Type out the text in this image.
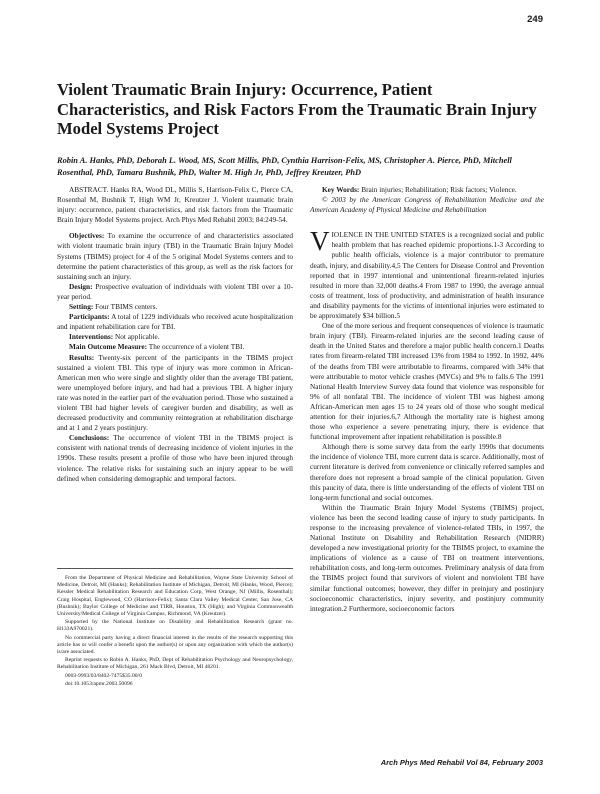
249
Violent Traumatic Brain Injury: Occurrence, Patient Characteristics, and Risk Factors From the Traumatic Brain Injury Model Systems Project

Robin A. Hanks, PhD, Deborah L. Wood, MS, Scott Millis, PhD, Cynthia Harrison-Felix, MS, Christopher A. Pierce, PhD, Mitchell Rosenthal, PhD, Tamara Bushnik, PhD, Walter M. High Jr, PhD, Jeffrey Kreutzer, PhD

ABSTRACT. Hanks RA, Wood DL, Millis S, Harrison-Felix C, Pierce CA, Rosenthal M, Bushnik T, High WM Jr, Kreutzer J. Violent traumatic brain injury: occurrence, patient characteristics, and risk factors from the Traumatic Brain Injury Model Systems project. Arch Phys Med Rehabil 2003; 84:249-54.

Objectives: To examine the occurrence of and characteristics associated with violent traumatic brain injury (TBI) in the Traumatic Brain Injury Model Systems (TBIMS) project for 4 of the 5 original Model Systems centers and to determine the patient characteristics of this group, as well as the risk factors for sustaining such an injury.

Design: Prospective evaluation of individuals with violent TBI over a 10-year period.

Setting: Four TBIMS centers.

Participants: A total of 1229 individuals who received acute hospitalization and inpatient rehabilitation care for TBI.

Interventions: Not applicable.

Main Outcome Measure: The occurrence of a violent TBI.

Results: Twenty-six percent of the participants in the TBIMS project sustained a violent TBI. This type of injury was more common in African-American men who were single and slightly older than the average TBI patient, were unemployed before injury, and had had a previous TBI. A higher injury rate was noted in the earlier part of the evaluation period. Those who sustained a violent TBI had higher levels of caregiver burden and disability, as well as decreased productivity and community reintegration at rehabilitation discharge and at 1 and 2 years postinjury.

Conclusions: The occurrence of violent TBI in the TBIMS project is consistent with national trends of decreasing incidence of violent injuries in the 1990s. These results present a profile of those who have been injured through violence. The relative risks for sustaining such an injury appear to be well defined when considering demographic and temporal factors.

From the Department of Physical Medicine and Rehabilitation, Wayne State University School of Medicine, Detroit, MI (Hanks); Rehabilitation Institute of Michigan, Detroit, MI (Hanks, Wood, Pierce); Kessler Medical Rehabilitation Research and Education Corp, West Orange, NJ (Millis, Rosenthal); Craig Hospital, Englewood, CO (Harrison-Felix); Santa Clara Valley Medical Center, San Jose, CA (Bushnik); Baylor College of Medicine and TIRR, Houston, TX (High); and Virginia Commonwealth University/Medical College of Virginia Campus, Richmond, VA (Kreutzer).

Supported by the National Institute on Disability and Rehabilitation Research (grant no. H133A970021).

No commercial party having a direct financial interest in the results of the research supporting this article has or will confer a benefit upon the author(s) or upon any organization with which the author(s) is/are associated.

Reprint requests to Robin A. Hanks, PhD, Dept of Rehabilitation Psychology and Neuropsychology, Rehabilitation Institute of Michigan, 261 Mack Blvd, Detroit, MI 48201.

0003-9993/03/8402-7475$35.00/0

doi:10.1053/apmr.2003.50096

Key Words: Brain injuries; Rehabilitation; Risk factors; Violence.

© 2003 by the American Congress of Rehabilitation Medicine and the American Academy of Physical Medicine and Rehabilitation

VIOLENCE IN THE UNITED STATES is a recognized social and public health problem that has reached epidemic proportions.1-3 According to public health officials, violence is a major contributor to premature death, injury, and disability.4,5 The Centers for Disease Control and Prevention reported that in 1997 intentional and unintentional firearm-related injuries resulted in more than 32,000 deaths.4 From 1987 to 1990, the average annual costs of treatment, loss of productivity, and administration of health insurance and disability payments for the victims of intentional injuries were estimated to be approximately $34 billion.5

One of the more serious and frequent consequences of violence is traumatic brain injury (TBI). Firearm-related injuries are the second leading cause of death in the United States and therefore a major public health concern.1 Deaths rates from firearm-related TBI increased 13% from 1984 to 1992. In 1992, 44% of the deaths from TBI were attributable to firearms, compared with 34% that were attributable to motor vehicle crashes (MVCs) and 9% to falls.6 The 1991 National Health Interview Survey data found that violence was responsible for 9% of all nonfatal TBI. The incidence of violent TBI was highest among African-American men ages 15 to 24 years old of those who sought medical attention for their injuries.6,7 Although the mortality rate is highest among those who experience a severe penetrating injury, there is evidence that functional improvement after inpatient rehabilitation is possible.8

Although there is some survey data from the early 1990s that documents the incidence of violence TBI, more current data is scarce. Additionally, most of current literature is derived from convenience or clinically referred samples and therefore does not represent a broad sample of the clinical population. Given this paucity of data, there is little understanding of the effects of violent TBI on long-term functional and social outcomes.

Within the Traumatic Brain Injury Model Systems (TBIMS) project, violence has been the second leading cause of injury to study participants. In response to the increasing prevalence of violence-related TBIs, in 1997, the National Institute on Disability and Rehabilitation Research (NIDRR) developed a new investigational priority for the TBIMS project, to examine the implications of violence as a cause of TBI on treatment interventions, rehabilitation costs, and long-term outcomes. Preliminary analysis of data from the TBIMS project found that survivors of violent and nonviolent TBI have similar functional outcomes; however, they differ in preinjury and postinjury socioeconomic characteristics, injury severity, and postinjury community integration.2 Furthermore, socioeconomic factors

Arch Phys Med Rehabil Vol 84, February 2003
